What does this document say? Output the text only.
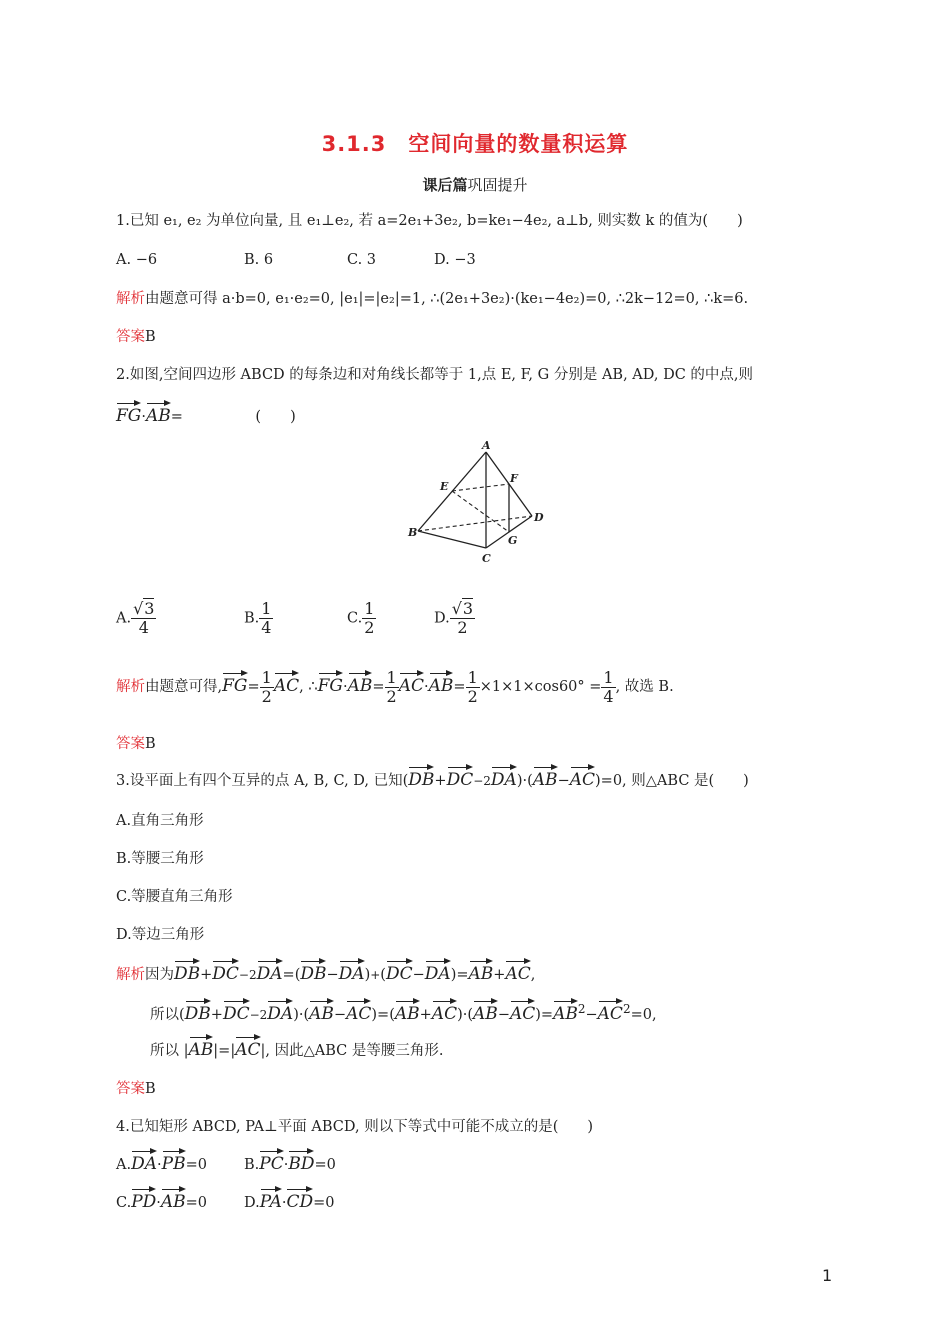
3.1.3　空间向量的数量积运算
课后篇巩固提升
1.已知 e₁, e₂ 为单位向量, 且 e₁⊥e₂, 若 a=2e₁+3e₂, b=ke₁−4e₂, a⊥b, 则实数 k 的值为(　　)
A. −6	B. 6	C. 3	D. −3
解析由题意可得 a·b=0, e₁·e₂=0, |e₁|=|e₂|=1, ∴(2e₁+3e₂)·(ke₁−4e₂)=0, ∴2k−12=0, ∴k=6.
答案B
2.如图,空间四边形 ABCD 的每条边和对角线长都等于 1,点 E, F, G 分别是 AB, AD, DC 的中点,则
FG·AB=　　　　　(　　)
A
B
C
D
E
F
G
A. $\frac{√3}{4}$	B. $\frac{1}{4}$	C. $\frac{1}{2}$	D. $\frac{√3}{2}$
解析由题意可得$,FG= \frac{1}{2}$ AC, ∴FG·AB= $\frac{1}{2} AC\cdot AB= \frac{1}{2} \times 1\times 1\times\cos 60^\circ = \frac{1}{4}$ , 故选 B.
答案B
3.设平面上有四个互异的点 A, B, C, D, 已知(DB+DC−2DA)·(AB−AC)=0, 则△ABC 是(　　)
A.直角三角形
B.等腰三角形
C.等腰直角三角形
D.等边三角形
解析因为DB+DC−2DA=(DB−DA)+(DC−DA)=AB+AC,
所以$(DB+DC-2DA)\cdot(AB-AC)=(AB+AC)\cdot(AB-AC)=AB^2-AC^2=0$,
所以 |AB|=|AC|, 因此△ABC 是等腰三角形.
答案B
4.已知矩形 ABCD, PA⊥平面 ABCD, 则以下等式中可能不成立的是(　　)
A.DA·PB=0	B.PC·BD=0
C.PD·AB=0	D.PA·CD=0
1
